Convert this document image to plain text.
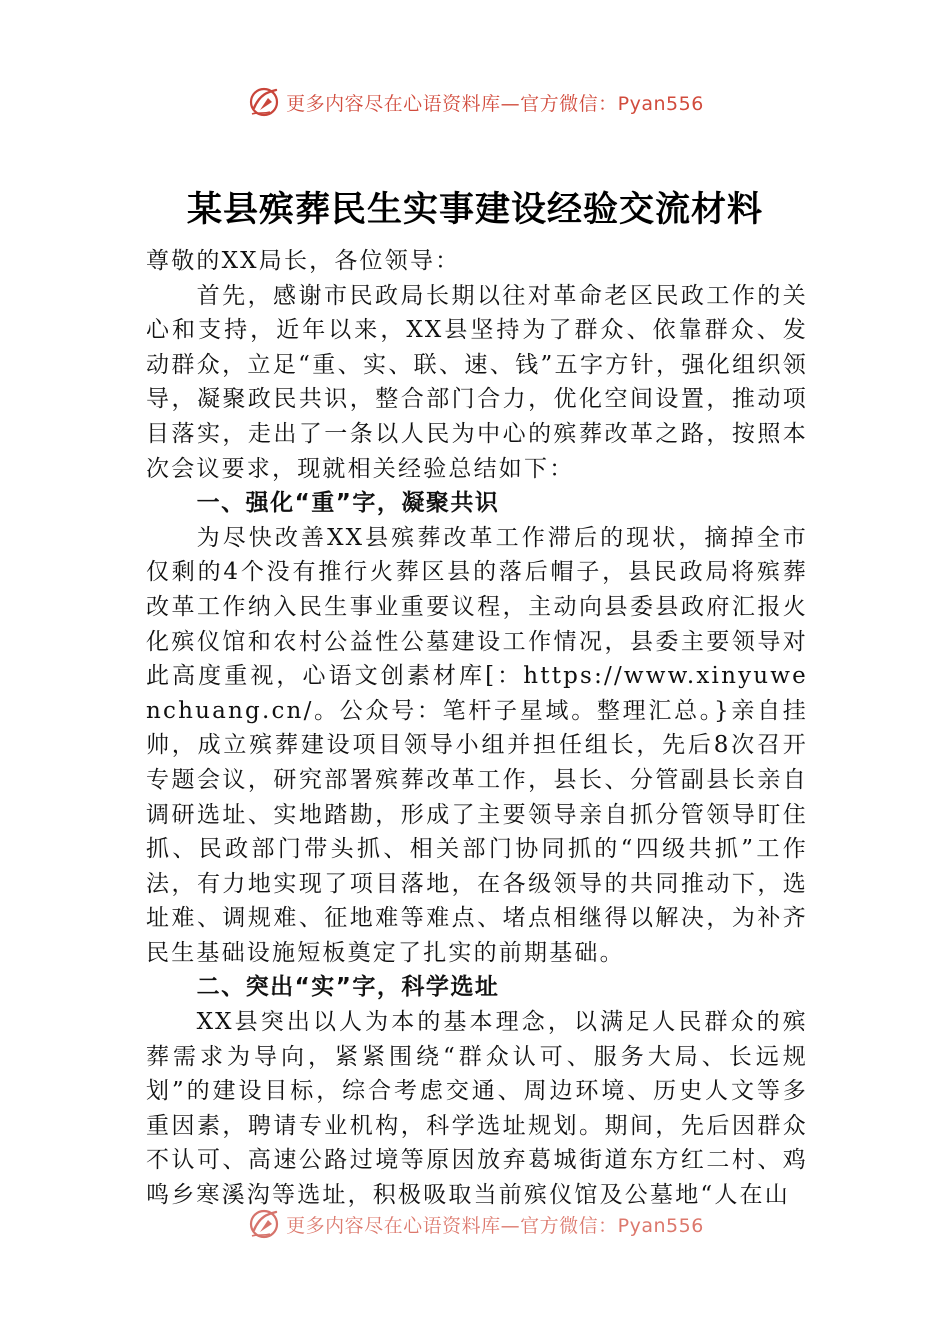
更多内容尽在心语资料库—官方微信：Pyan556
某县殡葬民生实事建设经验交流材料

尊敬的XX局长，各位领导：

首先，感谢市民政局长期以往对革命老区民政工作的关心和支持，近年以来，XX县坚持为了群众、依靠群众、发动群众，立足“重、实、联、速、钱”五字方针，强化组织领导，凝聚政民共识，整合部门合力，优化空间设置，推动项目落实，走出了一条以人民为中心的殡葬改革之路，按照本次会议要求，现就相关经验总结如下：

一、强化“重”字，凝聚共识

为尽快改善XX县殡葬改革工作滞后的现状，摘掉全市仅剩的4个没有推行火葬区县的落后帽子，县民政局将殡葬改革工作纳入民生事业重要议程，主动向县委县政府汇报火化殡仪馆和农村公益性公墓建设工作情况，县委主要领导对此高度重视，心语文创素材库[：https://www.xinyuwenchuang.cn/。公众号：笔杆子星域。整理汇总。}亲自挂帅，成立殡葬建设项目领导小组并担任组长，先后8次召开专题会议，研究部署殡葬改革工作，县长、分管副县长亲自调研选址、实地踏勘，形成了主要领导亲自抓分管领导盯住抓、民政部门带头抓、相关部门协同抓的“四级共抓”工作法，有力地实现了项目落地，在各级领导的共同推动下，选址难、调规难、征地难等难点、堵点相继得以解决，为补齐民生基础设施短板奠定了扎实的前期基础。

二、突出“实”字，科学选址

XX县突出以人为本的基本理念，以满足人民群众的殡葬需求为导向，紧紧围绕“群众认可、服务大局、长远规划”的建设目标，综合考虑交通、周边环境、历史人文等多重因素，聘请专业机构，科学选址规划。期间，先后因群众不认可、高速公路过境等原因放弃葛城街道东方红二村、鸡鸣乡寒溪沟等选址，积极吸取当前殡仪馆及公墓地“人在山

更多内容尽在心语资料库—官方微信：Pyan556
